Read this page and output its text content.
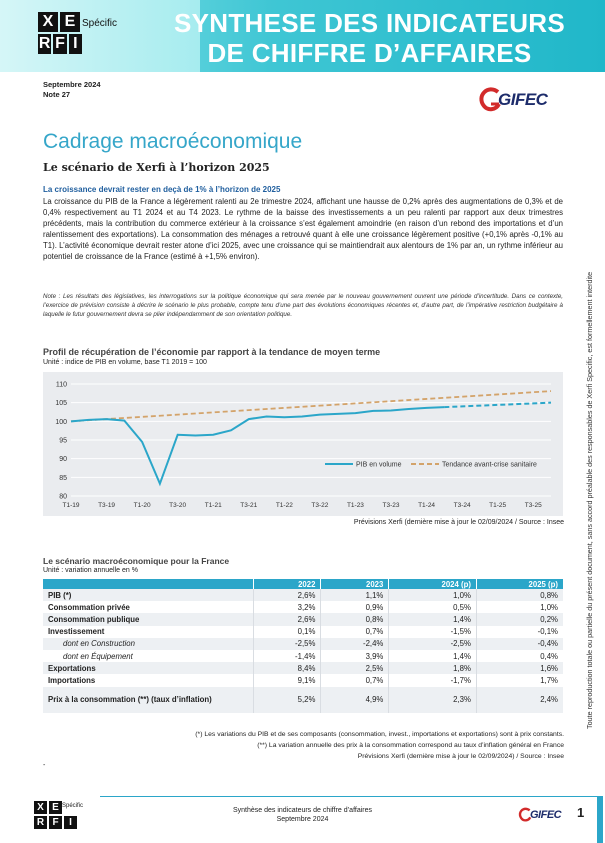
X E
R F I
Spécific SYNTHESE DES INDICATEURS
DE CHIFFRE D’AFFAIRES
Toute reproduction totale ou partielle du présent document, sans accord préalable des responsables de Xerfi Specific, est formellement interdite
Septembre 2024
Note 27	GIFEC
Cadrage macroéconomique
Le scénario de Xerfi à l’horizon 2025
La croissance devrait rester en deçà de 1% à l’horizon de 2025
La croissance du PIB de la France a légèrement ralenti au 2e trimestre 2024, affichant une hausse de 0,2% après des augmentations de 0,3% et de 0,4% respectivement au T1 2024 et au T4 2023. Le rythme de la baisse des investissements a un peu ralenti par rapport aux deux trimestres précédents, mais la contribution du commerce extérieur à la croissance s’est également amoindrie (en raison d’un rebond des importations et d’un ralentissement des exportations). La consommation des ménages a retrouvé quant à elle une croissance légèrement positive (+0,1% après -0,1% au T1). L’activité économique devrait rester atone d’ici 2025, avec une croissance qui se maintiendrait aux alentours de 1% par an, un rythme inférieur au potentiel de croissance de la France (estimé à +1,5% environ).
Note : Les résultats des législatives, les interrogations sur la politique économique qui sera menée par le nouveau gouvernement ouvrent une période d’incertitude. Dans ce contexte, l’exercice de prévision consiste à décrire le scénario le plus probable, compte tenu d’une part des évolutions économiques récentes et, d’autre part, de l’impérative restriction budgétaire à laquelle le futur gouvernement devra se plier indépendamment de son orientation politique.
Profil de récupération de l’économie par rapport à la tendance de moyen terme
Unité : indice de PIB en volume, base T1 2019 = 100
80
85
90
95
100
105
110
T1-19	T3-19	T1-20	T3-20	T1-21	T3-21	T1-22	T3-22	T1-23	T3-23	T1-24	T3-24	T1-25	T3-25
PIB en volume	Tendance avant-crise sanitaire
Prévisions Xerfi (dernière mise à jour le 02/09/2024 / Source : Insee
Le scénario macroéconomique pour la France
Unité : variation annuelle en %
	2022	2023	2024 (p)	2025 (p)
PIB (*)	2,6%	1,1%	1,0%	0,8%
Consommation privée	3,2%	0,9%	0,5%	1,0%
Consommation publique	2,6%	0,8%	1,4%	0,2%
Investissement	0,1%	0,7%	-1,5%	-0,1%
dont en Construction	-2,5%	-2,4%	-2,5%	-0,4%
dont en Équipement	-1,4%	3,9%	1,4%	0,4%
Exportations	8,4%	2,5%	1,8%	1,6%
Importations	9,1%	0,7%	-1,7%	1,7%
Prix à la consommation (**) (taux d’inflation)	5,2%	4,9%	2,3%	2,4%
(*) Les variations du PIB et de ses composants (consommation, invest., importations et exportations) sont à prix constants.
(**) La variation annuelle des prix à la consommation correspond au taux d’inflation général en France
Prévisions Xerfi (dernière mise à jour le 02/09/2024) / Source : Insee
-
X E
R F	I
Spécific
Synthèse des indicateurs de chiffre d’affaires
Septembre 2024	GIFEC 1
